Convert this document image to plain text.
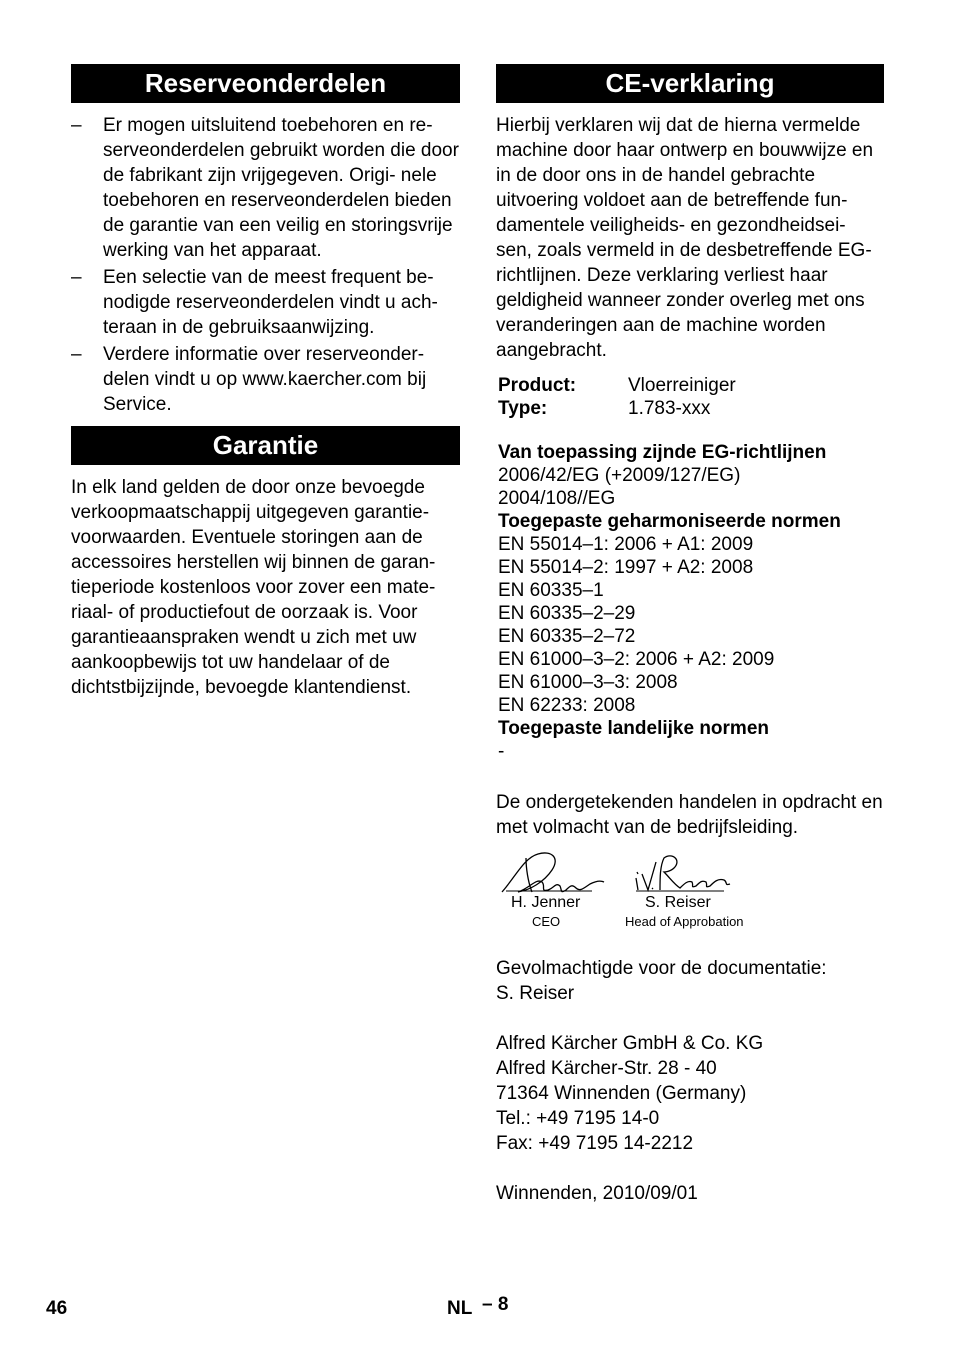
Reserveonderdelen
–	Er mogen uitsluitend toebehoren en re- serveonderdelen gebruikt worden die door de fabrikant zijn vrijgegeven. Origi- nele toebehoren en reserveonderdelen bieden de garantie van een veilig en storingsvrije werking van het apparaat.
–	Een selectie van de meest frequent be- nodigde reserveonderdelen vindt u ach- teraan in de gebruiksaanwijzing.
–	Verdere informatie over reserveonder- delen vindt u op www.kaercher.com bij Service.
Garantie
In elk land gelden de door onze bevoegde verkoopmaatschappij uitgegeven garantie- voorwaarden. Eventuele storingen aan de accessoires herstellen wij binnen de garan- tieperiode kostenloos voor zover een mate- riaal- of productiefout de oorzaak is. Voor garantieaanspraken wendt u zich met uw aankoopbewijs tot uw handelaar of de dichtstbijzijnde, bevoegde klantendienst.
CE-verklaring
Hierbij verklaren wij dat de hierna vermelde machine door haar ontwerp en bouwwijze en in de door ons in de handel gebrachte uitvoering voldoet aan de betreffende fun- damentele veiligheids- en gezondheidsei- sen, zoals vermeld in de desbetreffende EG-richtlijnen. Deze verklaring verliest haar geldigheid wanneer zonder overleg met ons veranderingen aan de machine worden aangebracht.
Product:	Vloerreiniger
Type:	1.783-xxx
Van toepassing zijnde EG-richtlijnen
2006/42/EG (+2009/127/EG)
2004/108//EG
Toegepaste geharmoniseerde normen
EN 55014–1: 2006 + A1: 2009
EN 55014–2: 1997 + A2: 2008
EN 60335–1
EN 60335–2–29
EN 60335–2–72
EN 61000–3–2: 2006 + A2: 2009
EN 61000–3–3: 2008
EN 62233: 2008
Toegepaste landelijke normen
-
De ondergetekenden handelen in opdracht en met volmacht van de bedrijfsleiding.
H. Jenner
CEO
S. Reiser
Head of Approbation
Gevolmachtigde voor de documentatie:
S. Reiser
Alfred Kärcher GmbH & Co. KG
Alfred Kärcher-Str. 28 - 40
71364 Winnenden (Germany)
Tel.: +49 7195 14-0
Fax: +49 7195 14-2212
Winnenden, 2010/09/01
46	NL – 8
